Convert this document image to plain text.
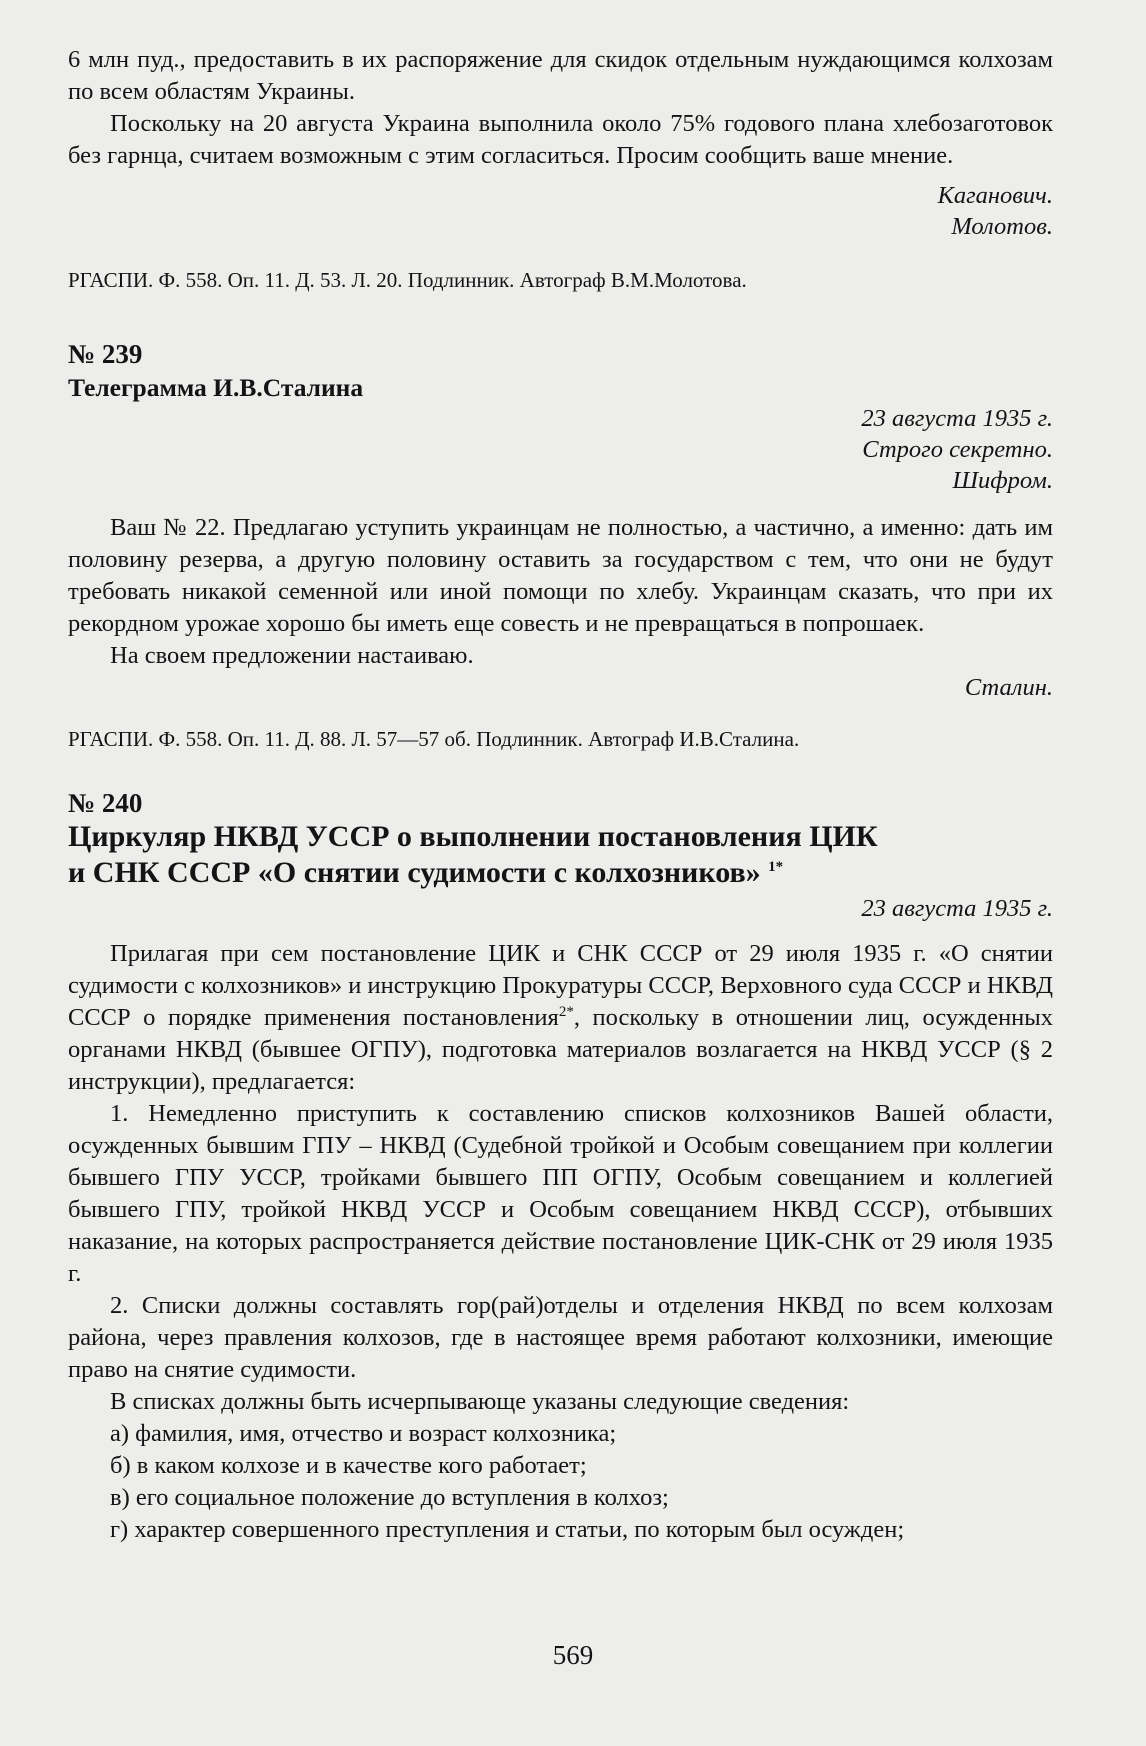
6 млн пуд., предоставить в их распоряжение для скидок отдельным нуждающимся колхозам по всем областям Украины.

Поскольку на 20 августа Украина выполнила около 75% годового плана хлебозаготовок без гарнца, считаем возможным с этим согласиться. Просим сообщить ваше мнение.

Каганович.

Молотов.

РГАСПИ. Ф. 558. Оп. 11. Д. 53. Л. 20. Подлинник. Автограф В.М.Молотова.

№ 239

Телеграмма И.В.Сталина

23 августа 1935 г.

Строго секретно.

Шифром.

Ваш № 22. Предлагаю уступить украинцам не полностью, а частично, а именно: дать им половину резерва, а другую половину оставить за государством с тем, что они не будут требовать никакой семенной или иной помощи по хлебу. Украинцам сказать, что при их рекордном урожае хорошо бы иметь еще совесть и не превращаться в попрошаек.

На своем предложении настаиваю.

Сталин.

РГАСПИ. Ф. 558. Оп. 11. Д. 88. Л. 57—57 об. Подлинник. Автограф И.В.Сталина.

№ 240

Циркуляр НКВД УССР о выполнении постановления ЦИК

и СНК СССР «О снятии судимости с колхозников» $^{1*}$

23 августа 1935 г.

Прилагая при сем постановление ЦИК и СНК СССР от 29 июля 1935 г. «О снятии судимости с колхозников» и инструкцию Прокуратуры СССР, Верховного суда СССР и НКВД СССР о порядке применения постановления$^{2*}$, поскольку в отношении лиц, осужденных органами НКВД (бывшее ОГПУ), подготовка материалов возлагается на НКВД УССР (§ 2 инструкции), предлагается:

1. Немедленно приступить к составлению списков колхозников Вашей области, осужденных бывшим ГПУ – НКВД (Судебной тройкой и Особым совещанием при коллегии бывшего ГПУ УССР, тройками бывшего ПП ОГПУ, Особым совещанием и коллегией бывшего ГПУ, тройкой НКВД УССР и Особым совещанием НКВД СССР), отбывших наказание, на которых распространяется действие постановление ЦИК-СНК от 29 июля 1935 г.

2. Списки должны составлять гор(рай)отделы и отделения НКВД по всем колхозам района, через правления колхозов, где в настоящее время работают колхозники, имеющие право на снятие судимости.

В списках должны быть исчерпывающе указаны следующие сведения:

а) фамилия, имя, отчество и возраст колхозника;

б) в каком колхозе и в качестве кого работает;

в) его социальное положение до вступления в колхоз;

г) характер совершенного преступления и статьи, по которым был осужден;

569
